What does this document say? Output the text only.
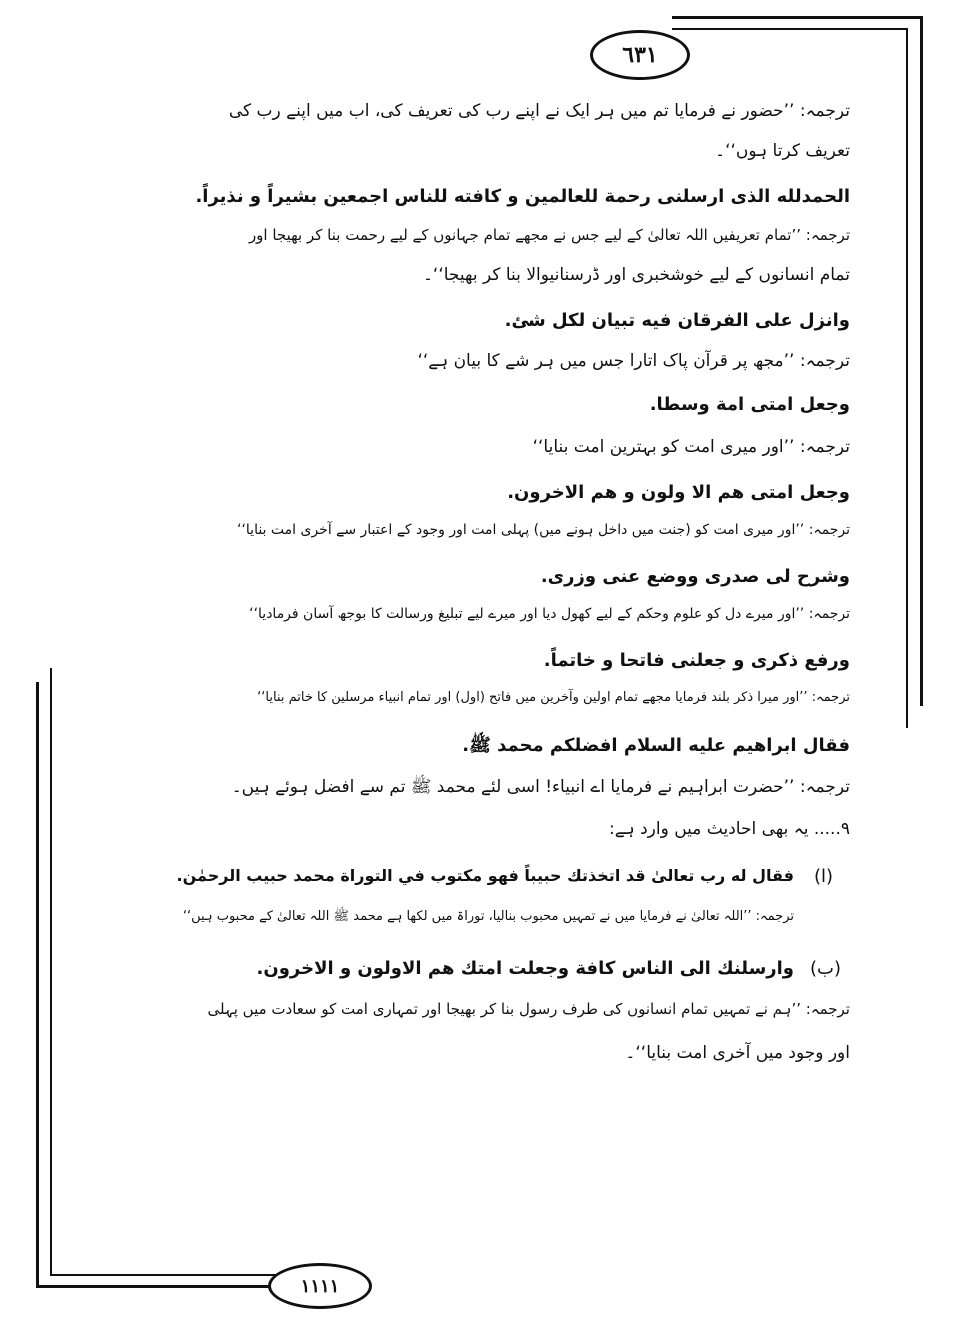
٦٣١
١١١١
ترجمہ: ’’حضور نے فرمایا تم میں ہر ایک نے اپنے رب کی تعریف کی، اب میں اپنے رب کی
تعریف کرتا ہوں‘‘۔
الحمدلله الذى ارسلنى رحمة للعالمين و كافته للناس اجمعين بشيراً و نذيراً.
ترجمہ: ’’تمام تعریفیں اللہ تعالیٰ کے لیے جس نے مجھے تمام جہانوں کے لیے رحمت بنا کر بھیجا اور
تمام انسانوں کے لیے خوشخبری اور ڈرسنانیوالا بنا کر بھیجا‘‘۔
وانزل على الفرقان فيه تبيان لكل شئ.
ترجمہ: ’’مجھ پر قرآن پاک اتارا جس میں ہر شے کا بیان ہے‘‘
وجعل امتى امة وسطا.
ترجمہ: ’’اور میری امت کو بہترین امت بنایا‘‘
وجعل امتى هم الا ولون و هم الاخرون.
ترجمہ: ’’اور میری امت کو (جنت میں داخل ہونے میں) پہلی امت اور وجود کے اعتبار سے آخری امت بنایا‘‘
وشرح لى صدرى ووضع عنى وزرى.
ترجمہ: ’’اور میرے دل کو علوم وحکم کے لیے کھول دیا اور میرے لیے تبلیغ ورسالت کا بوجھ آسان فرمادیا‘‘
ورفع ذكرى و جعلنى فاتحا و خاتماً.
ترجمہ: ’’اور میرا ذکر بلند فرمایا مجھے تمام اولین وآخرین میں فاتح (اول) اور تمام انبیاء مرسلین کا خاتم بنایا‘‘
فقال ابراهيم عليه السلام افضلكم محمد ﷺ.
ترجمہ: ’’حضرت ابراہیم نے فرمایا اے انبیاء! اسی لئے محمد ﷺ تم سے افضل ہوئے ہیں۔
٩..... یہ بھی احادیث میں وارد ہے:
فقال له رب تعالىٰ قد اتخذتك حبيباً فهو مكتوب في التوراة محمد حبيب الرحمٰن.
ترجمہ: ’’اللہ تعالیٰ نے فرمایا میں نے تمہیں محبوب بنالیا، توراۃ میں لکھا ہے محمد ﷺ اللہ تعالیٰ کے محبوب ہیں‘‘
وارسلنك الى الناس كافة وجعلت امتك هم الاولون و الاخرون.
ترجمہ: ’’ہم نے تمہیں تمام انسانوں کی طرف رسول بنا کر بھیجا اور تمہاری امت کو سعادت میں پہلی
اور وجود میں آخری امت بنایا‘‘۔
(ا)
(ب)
